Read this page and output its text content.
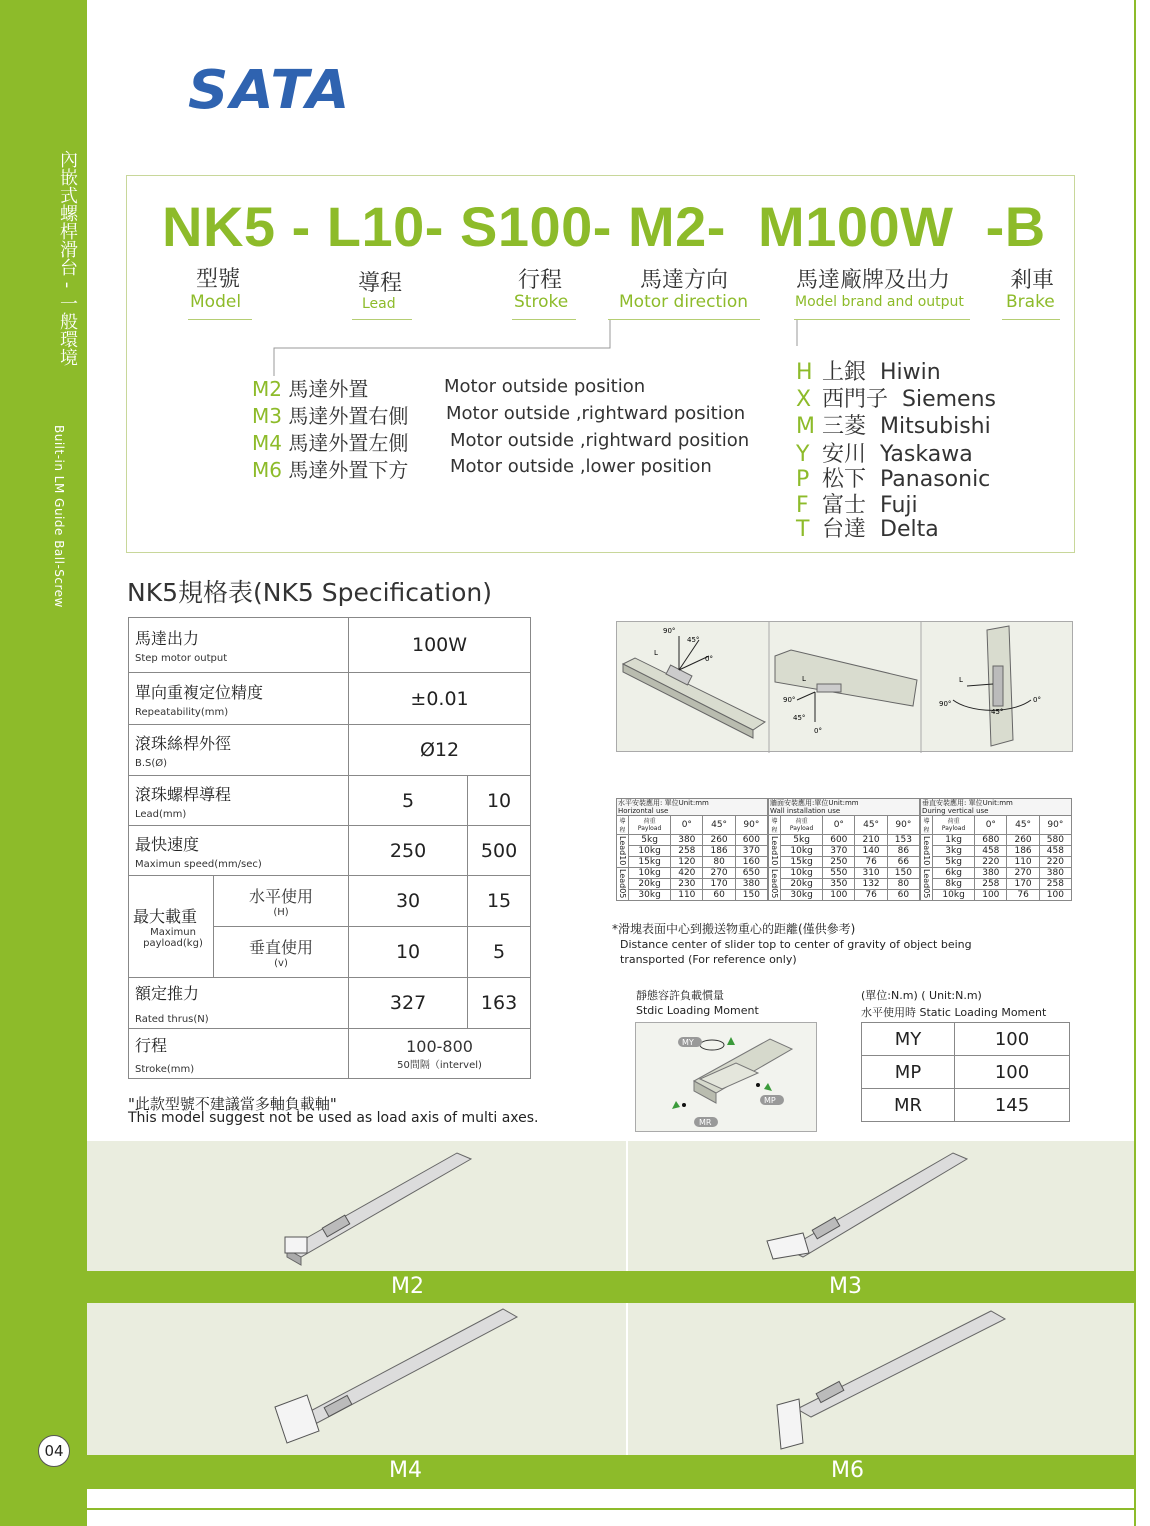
內嵌式螺桿滑台 - 一般環境
Built-in LM Guide Ball-Screw
04
SATA
NK5 - L10- S100- M2-  M100W  -B
型號
Model
導程
Lead
行程
Stroke
馬達方向
Motor direction
馬達廠牌及出力
Model brand and output
剎車
Brake
M2 馬達外置	Motor outside position
M3 馬達外置右側 Motor outside ,rightward position
M4 馬達外置左側 Motor outside ,rightward position
M6 馬達外置下方 Motor outside ,lower position
H 上銀 Hiwin
X 西門子 Siemens
M 三菱 Mitsubishi
Y 安川 Yaskawa
P 松下 Panasonic
F 富士 Fuji
T 台達 Delta
NK5規格表(NK5 Specification)
馬達出力
Step motor output		100W	

單向重複定位精度
Repeatability(mm)		±0.01	

滾珠絲桿外徑
B.S(Ø)		Ø12	

滾珠螺桿導程
Lead(mm)		5	10

最快速度
Maximun speed(mm/sec)		250	500

最大載重
Maximun
payload(kg)	水平使用
(H)	30	15

	垂直使用
(v)	10	5

額定推力
Rated thrus(N)		327	163

行程
Stroke(mm)		100-800
50間隔（intervel)	
"此款型號不建議當多軸負載軸"
This model suggest not be used as load axis of multi axes.
90°
45°
0°
L
L
90°
45°
0°
L
90°
45°
0°
水平安裝應用: 單位Unit:mm
Horizontal use				
導程	荷重
Payload	0°	45°	90°
Lead10	5kg	380	260	600
	10kg	258	186	370
	15kg	120	80	160
Lead05	10kg	420	270	650
	20kg	230	170	380
	30kg	110	60	150
牆面安裝應用:單位Unit:mm
Wall installation use				
導程	荷重
Payload	0°	45°	90°
Lead10	5kg	600	210	153
	10kg	370	140	86
	15kg	250	76	66
Lead05	10kg	550	310	150
	20kg	350	132	80
	30kg	100	76	60
垂直安裝應用: 單位Unit:mm
During vertical use				
導程	荷重
Payload	0°	45°	90°
Lead10	1kg	680	260	580
	3kg	458	186	458
	5kg	220	110	220
Lead05	6kg	380	270	380
	8kg	258	170	258
	10kg	100	76	100
*滑塊表面中心到搬送物重心的距離(僅供參考)
Distance center of slider top to center of gravity of object being
transported (For reference only)
靜態容許負載慣量
Stdic Loading Moment
(單位:N.m) ( Unit:N.m)
水平使用時 Static Loading Moment
MY
MP
MR
MY	100
MP	100
MR	145
M2	M3
M4	M6
